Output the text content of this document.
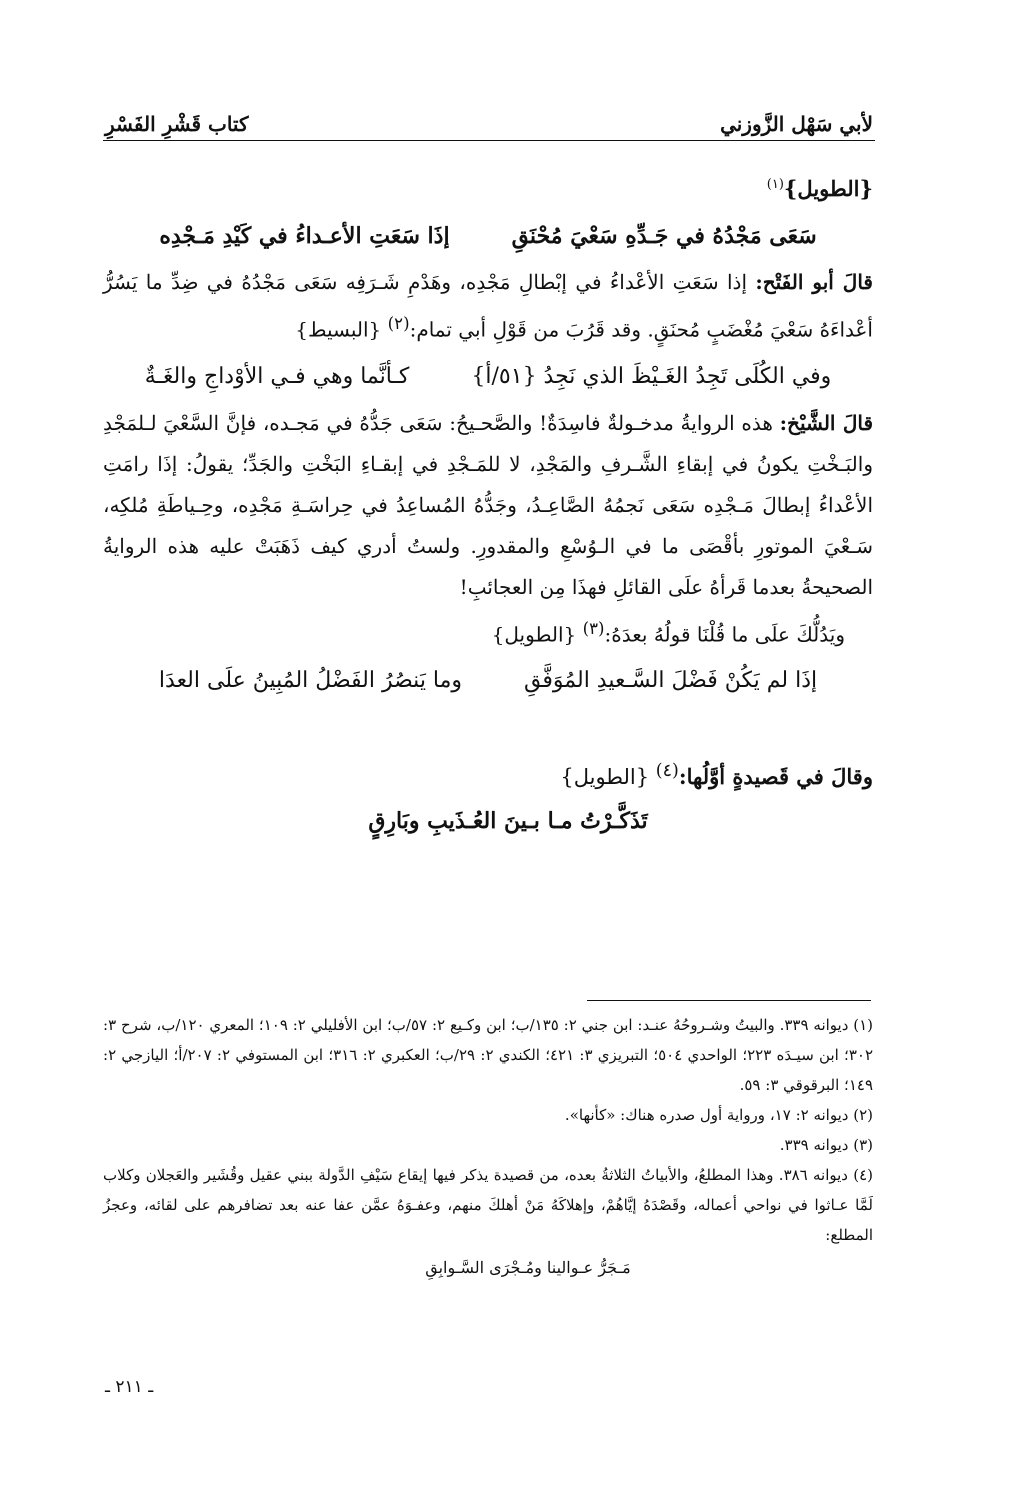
كتاب قَشْرِ الفَسْرِ	لأبي سَهْل الزَّوزني
{الطويل}$^{(١)}$
إذَا سَعَتِ الأعـداءُ في كَيْدِ مَـجْدِه	سَعَى مَجْدُهُ في جَـدِّهِ سَعْيَ مُحْنَقِ

قالَ أبو الفَتْح: إذا سَعَتِ الأعْداءُ في إبْطالِ مَجْدِه، وهَدْمِ شَـرَفِه سَعَى مَجْدُهُ في ضِدِّ ما يَسُرُّ أعْداءَهُ سَعْيَ مُغْضَبٍ مُحنَقٍ. وقد قَرُبَ من قَوْلِ أبي تمام:$^{(٢)}$ {البسيط}

كـأنَّما وهي فـي الأوْداجِ والغَـةٌ	وفي الكُلَى تَجِدُ الغَـيْظَ الذي نَجِدُ {٥١/أ}

قالَ الشَّيْخ: هذه الروايةُ مدخـولةٌ فاسِدَةٌ! والصَّحـيحُ: سَعَى جَدُّهُ في مَجـده، فإنَّ السَّعْيَ لـلمَجْدِ والبَـخْتِ يكونُ في إبقاءِ الشَّـرفِ والمَجْدِ، لا للمَـجْدِ في إبقـاءِ البَخْتِ والجَدِّ؛ يقولُ: إذَا رامَتِ الأعْداءُ إبطالَ مَـجْدِه سَعَى نَجمُهُ الصَّاعِـدُ، وجَدُّهُ المُساعِدُ في حِراسَـةِ مَجْدِه، وحِـياطَةِ مُلكِه، سَـعْيَ الموتورِ بأقْصَى ما في الـوُسْعِ والمقدورِ. ولستُ أدري كيف ذَهَبَتْ عليه هذه الروايةُ الصحيحةُ بعدما قَرأهُ علَى القائلِ فهذَا مِن العجائبِ!

ويَدُلُّكَ علَى ما قُلْنَا قولُهُ بعدَهُ:$^{(٣)}$ {الطويل}

وما يَنصُرُ الفَضْلُ المُبِينُ علَى العدَا	إذَا لم يَكُنْ فَضْلَ السَّـعيدِ المُوَفَّقِ
وقالَ في قَصيدةٍ أوَّلُها:$^{(٤)}$ {الطويل}
تَذَكَّـرْتُ مـا بـينَ العُـذَيبِ وبَارِقٍ

(١) ديوانه ٣٣٩. والبيتُ وشـروحُهُ عنـد: ابن جني ٢: ١٣٥/ب؛ ابن وكـيع ٢: ٥٧/ب؛ ابن الأفليلي ٢: ١٠٩؛ المعري ١٢٠/ب، شرح ٣: ٣٠٢؛ ابن سيـدَه ٢٢٣؛ الواحدي ٥٠٤؛ التبريزي ٣: ٤٢١؛ الكندي ٢: ٢٩/ب؛ العكبري ٢: ٣١٦؛ ابن المستوفي ٢: ٢٠٧/أ؛ اليازجي ٢: ١٤٩؛ البرقوقي ٣: ٥٩.

(٢) ديوانه ٢: ١٧، ورواية أول صدره هناك: «كأنها».

(٣) ديوانه ٣٣٩.

(٤) ديوانه ٣٨٦. وهذا المطلعُ، والأبياتُ الثلاثةُ بعده، من قصيدة يذكر فيها إيقاع سَيْفِ الدَّولة ببني عقيل وقُشَير والعَجلان وكلاب لَمَّا عـاثوا في نواحي أعماله، وقَصْدَهُ إيَّاهُمْ، وإهلاكَهُ مَنْ أهلكَ منهم، وعفـوَهُ عمَّن عفا عنه بعد تضافرهم على لقائه، وعجزُ المطلع:

مَـجَرُّ عـوالينا ومُـجْرَى السَّـوابِقِ
ـ ٢١١ ـ
